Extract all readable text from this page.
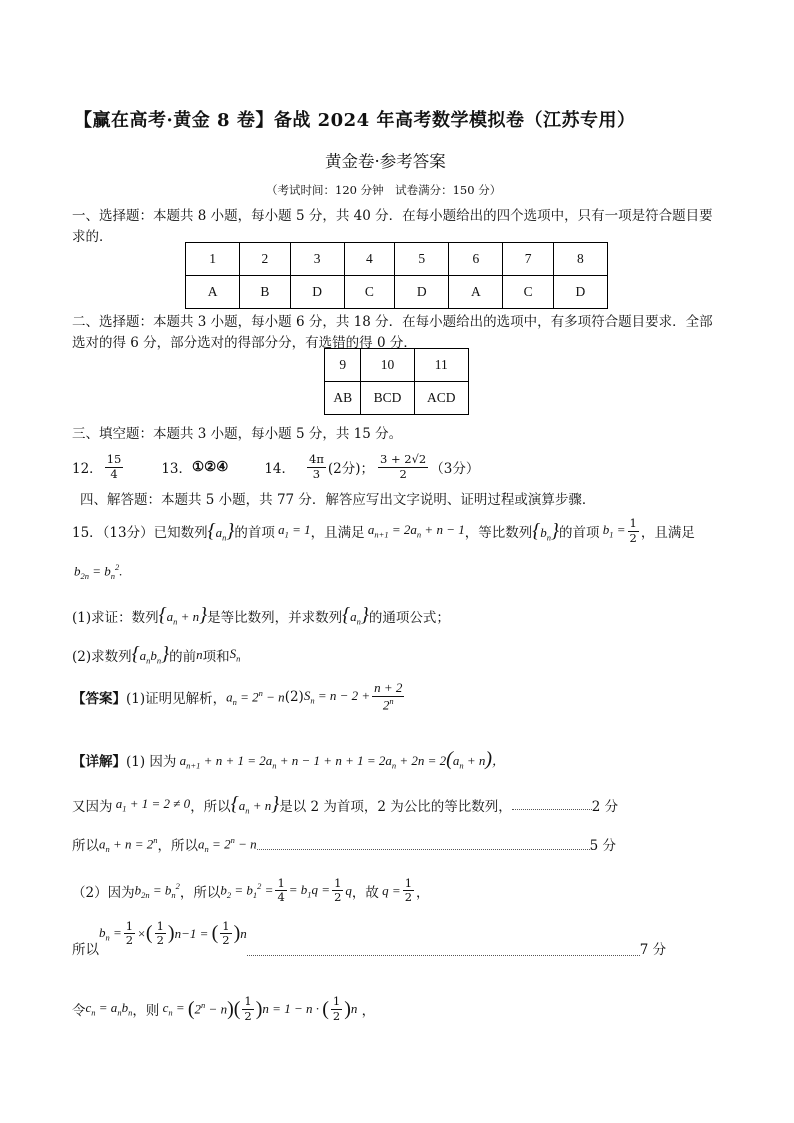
【赢在高考·黄金 8 卷】备战 2024 年高考数学模拟卷（江苏专用）
黄金卷·参考答案
（考试时间：120 分钟　试卷满分：150 分）
一、选择题：本题共 8 小题，每小题 5 分，共 40 分．在每小题给出的四个选项中，只有一项是符合题目要
求的．
1	2	3	4	5	6	7	8
A	B	D	C	D	A	C	D
二、选择题：本题共 3 小题，每小题 6 分，共 18 分．在每小题给出的选项中，有多项符合题目要求．全部
选对的得 6 分，部分选对的得部分分，有选错的得 0 分．
9	10	11
AB	BCD	ACD
三、填空题：本题共 3 小题，每小题 5 分，共 15 分。
12． $\frac{15}{4}$	13． ①②④	14． $\frac{4\pi}{3} (2$分)； $\frac{3 + 2√2}{2} (3$分）
四、解答题：本题共 5 小题，共 77 分．解答应写出文字说明、证明过程或演算步骤．
15．（13分）已知数列 $\{a_n\}$ 的首项 $a_1 = 1$ ，且满足 $a_{n+1} = 2a_n + n - 1$ ，等比数列 $\{b_n\}$ 的首项 $b_1 = \frac{1}{2}$ ，且满足
$b_{2n} = b_n^2$.
(1)求证：数列 $\{a_n + n\}$ 是等比数列，并求数列 $\{a_n\}$ 的通项公式；
(2)求数列 $\{a_nb_n\}$ 的前 n 项和 $S_n$
【答案】 (1)证明见解析， $a_n = 2^n - n$ (2) $S_n = n - 2 + \frac{n + 2}{2^n}$
【详解】 (1) 因为 $a_{n+1} + n + 1 = 2a_n + n - 1 + n + 1 = 2a_n + 2n = 2(a_n + n)$，
又因为 $a_1 + 1 = 2 \ne 0$ ，所以 $\{a_n + n\}$ 是以 2 为首项，2 为公比的等比数列，	2 分
所以 $a_n + n = 2^n$ ，所以 $a_n = 2^n - n$	5 分
（2）因为 $b_{2n} = b_n^2$ ，所以 $b_2 = b_1^2 = \frac{1}{4} = b_1q = \frac{1}{2}$ q ，故 $q = \frac{1}{2}$ ，
所以
$b_n = \frac{1}{2}$ × ( $\frac{1}{2}$ ) n−1 = ( $\frac{1}{2}$ ) n
7 分
令 $c_n = a_nb_n$ ，则 $c_n$ = ( $2^n - n$ ) ( $\frac{1}{2}$ ) n = 1 − n · ( $\frac{1}{2}$ ) n ，
